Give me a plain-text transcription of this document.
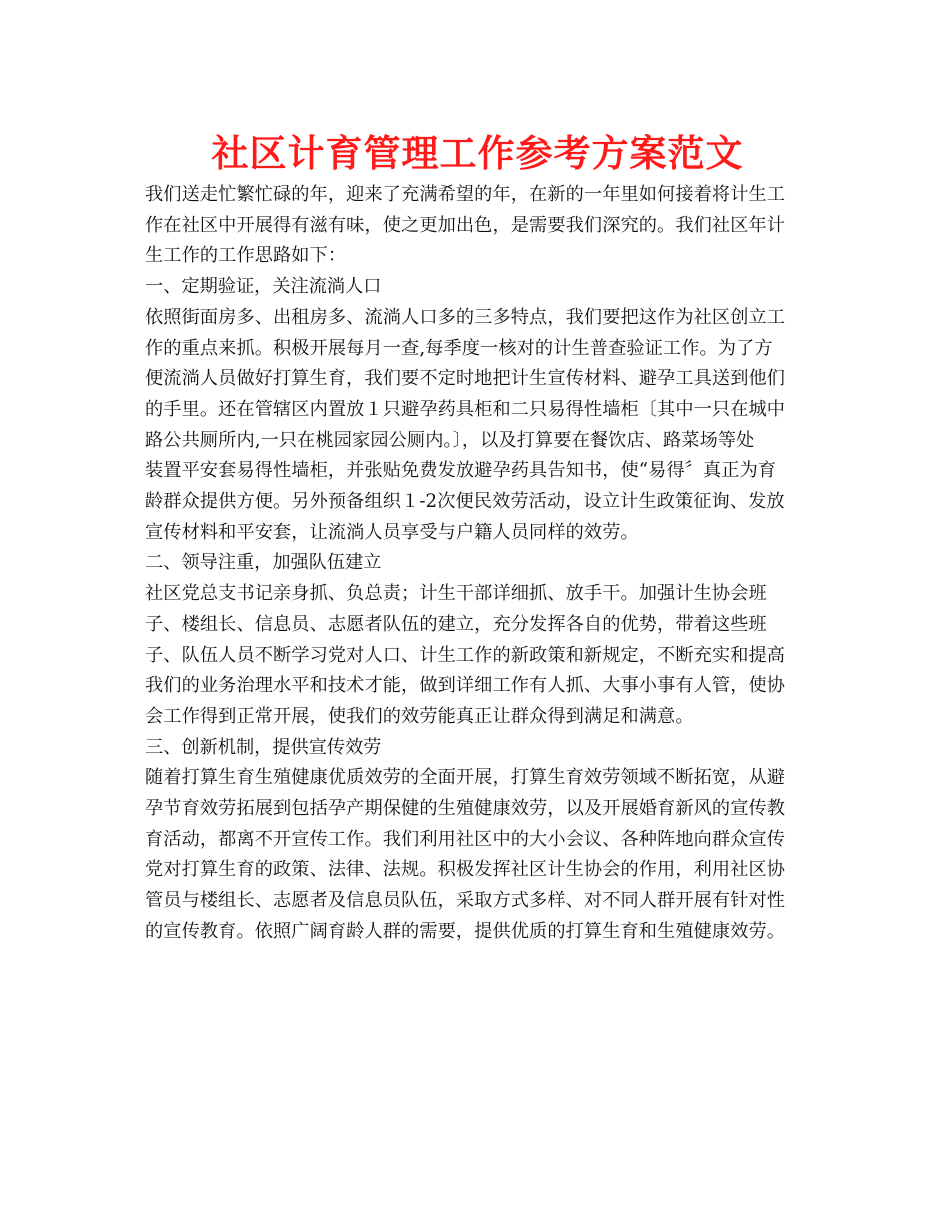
社区计育管理工作参考方案范文
我们送走忙繁忙碌的年，迎来了充满希望的年，在新的一年里如何接着将计生工
作在社区中开展得有滋有味，使之更加出色，是需要我们深究的。我们社区年计
生工作的工作思路如下：
一、定期验证，关注流淌人口
依照街面房多、出租房多、流淌人口多的三多特点，我们要把这作为社区创立工
作的重点来抓。积极开展每月一查,每季度一核对的计生普查验证工作。为了方
便流淌人员做好打算生育，我们要不定时地把计生宣传材料、避孕工具送到他们
的手里。还在管辖区内置放１只避孕药具柜和二只易得性墙柜〔其中一只在城中
路公共厕所内,一只在桃园家园公厕内。〕，以及打算要在餐饮店、路菜场等处
装置平安套易得性墙柜，并张贴免费发放避孕药具告知书，使“易得〞真正为育
龄群众提供方便。另外预备组织１-2次便民效劳活动，设立计生政策征询、发放
宣传材料和平安套，让流淌人员享受与户籍人员同样的效劳。
二、领导注重，加强队伍建立
社区党总支书记亲身抓、负总责；计生干部详细抓、放手干。加强计生协会班
子、楼组长、信息员、志愿者队伍的建立，充分发挥各自的优势，带着这些班
子、队伍人员不断学习党对人口、计生工作的新政策和新规定，不断充实和提高
我们的业务治理水平和技术才能，做到详细工作有人抓、大事小事有人管，使协
会工作得到正常开展，使我们的效劳能真正让群众得到满足和满意。
三、创新机制，提供宣传效劳
随着打算生育生殖健康优质效劳的全面开展，打算生育效劳领域不断拓宽，从避
孕节育效劳拓展到包括孕产期保健的生殖健康效劳，以及开展婚育新风的宣传教
育活动，都离不开宣传工作。我们利用社区中的大小会议、各种阵地向群众宣传
党对打算生育的政策、法律、法规。积极发挥社区计生协会的作用，利用社区协
管员与楼组长、志愿者及信息员队伍，采取方式多样、对不同人群开展有针对性
的宣传教育。依照广阔育龄人群的需要，提供优质的打算生育和生殖健康效劳。
